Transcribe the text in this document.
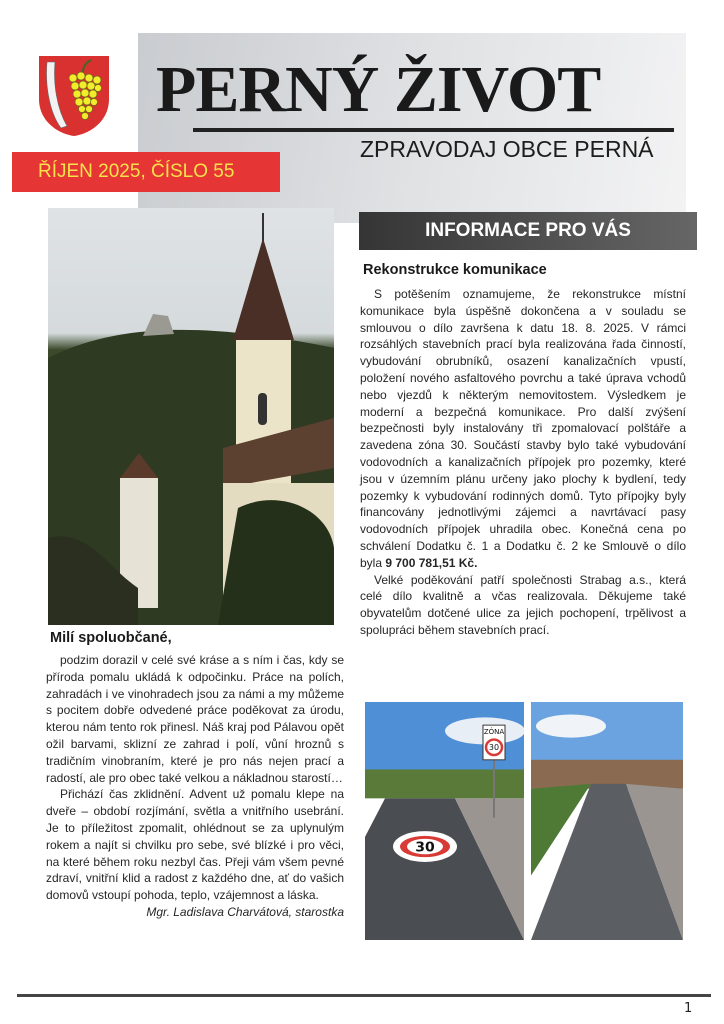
PERNÝ ŽIVOT
ZPRAVODAJ OBCE PERNÁ
ŘÍJEN 2025, ČÍSLO 55
INFORMACE PRO VÁS
Rekonstrukce komunikace

S potěšením oznamujeme, že rekonstrukce místní komunikace byla úspěšně dokončena a v souladu se smlouvou o dílo završena k datu 18. 8. 2025. V rámci rozsáhlých stavebních prací byla realizována řada činností, vybudování obrubníků, osazení kanalizačních vpustí, položení nového asfaltového povrchu a také úprava vchodů nebo vjezdů k některým nemovitostem. Výsledkem je moderní a bezpečná komunikace. Pro další zvýšení bezpečnosti byly instalovány tři zpomalovací polštáře a zavedena zóna 30. Součástí stavby bylo také vybudování vodovodních a kanalizačních přípojek pro pozemky, které jsou v územním plánu určeny jako plochy k bydlení, tedy pozemky k vybudování rodinných domů. Tyto přípojky byly financovány jednotlivými zájemci a navrtávací pasy vodovodních přípojek uhradila obec. Konečná cena po schválení Dodatku č. 1 a Dodatku č. 2 ke Smlouvě o dílo byla 9 700 781,51 Kč.

Velké poděkování patří společnosti Strabag a.s., která celé dílo kvalitně a včas realizovala. Děkujeme také obyvatelům dotčené ulice za jejich pochopení, trpělivost a spolupráci během stavebních prací.

30
ZÓNA
30
Milí spoluobčané,

podzim dorazil v celé své kráse a s ním i čas, kdy se příroda pomalu ukládá k odpočinku. Práce na polích, zahradách i ve vinohradech jsou za námi a my můžeme s pocitem dobře odvedené práce poděkovat za úrodu, kterou nám tento rok přinesl. Náš kraj pod Pálavou opět ožil barvami, sklizní ze zahrad i polí, vůní hroznů s tradičním vinobraním, které je pro nás nejen prací a radostí, ale pro obec také velkou a nákladnou starostí…

Přichází čas zklidnění. Advent už pomalu klepe na dveře – období rozjímání, světla a vnitřního usebrání. Je to příležitost zpomalit, ohlédnout se za uplynulým rokem a najít si chvilku pro sebe, své blízké i pro věci, na které během roku nezbyl čas. Přeji vám všem pevné zdraví, vnitřní klid a radost z každého dne, ať do vašich domovů vstoupí pohoda, teplo, vzájemnost a láska.

Mgr. Ladislava Charvátová, starostka
1
